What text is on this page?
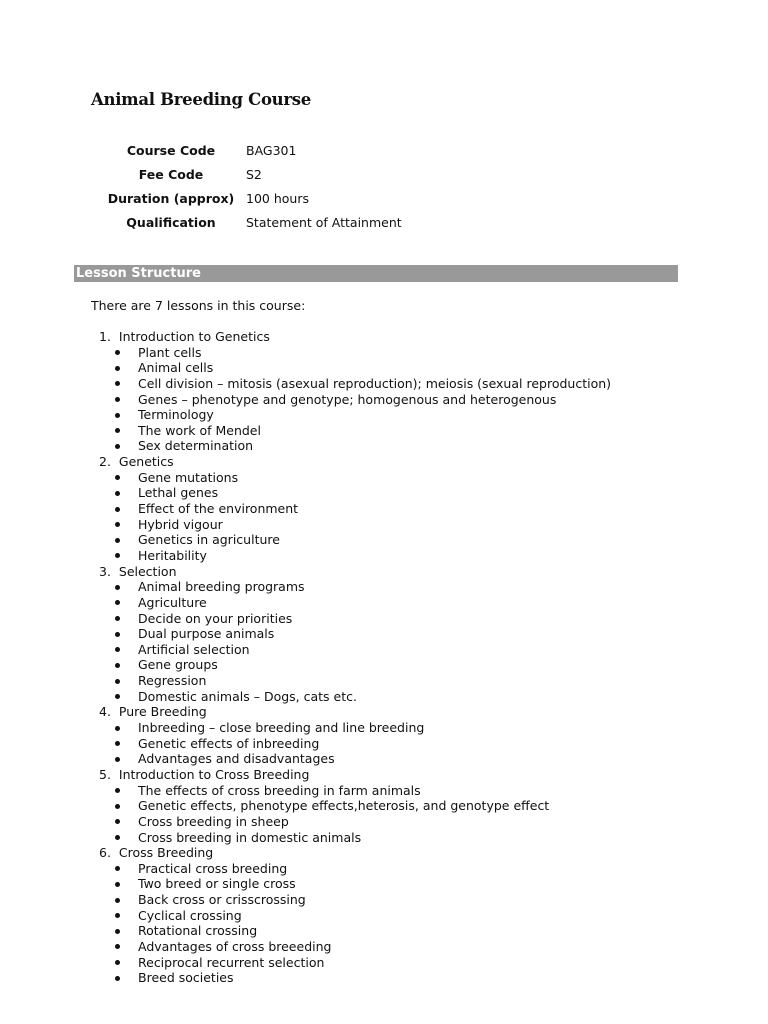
Animal Breeding Course
Course Code	BAG301
Fee Code	S2
Duration (approx)	100 hours
Qualification	Statement of Attainment
Lesson Structure
There are 7 lessons in this course:
1. Introduction to Genetics
Plant cells
Animal cells
Cell division – mitosis (asexual reproduction); meiosis (sexual reproduction)
Genes – phenotype and genotype; homogenous and heterogenous
Terminology
The work of Mendel
Sex determination
2. Genetics
Gene mutations
Lethal genes
Effect of the environment
Hybrid vigour
Genetics in agriculture
Heritability
3. Selection
Animal breeding programs
Agriculture
Decide on your priorities
Dual purpose animals
Artificial selection
Gene groups
Regression
Domestic animals – Dogs, cats etc.
4. Pure Breeding
Inbreeding – close breeding and line breeding
Genetic effects of inbreeding
Advantages and disadvantages
5. Introduction to Cross Breeding
The effects of cross breeding in farm animals
Genetic effects, phenotype effects,heterosis, and genotype effect
Cross breeding in sheep
Cross breeding in domestic animals
6. Cross Breeding
Practical cross breeding
Two breed or single cross
Back cross or crisscrossing
Cyclical crossing
Rotational crossing
Advantages of cross breeeding
Reciprocal recurrent selection
Breed societies
